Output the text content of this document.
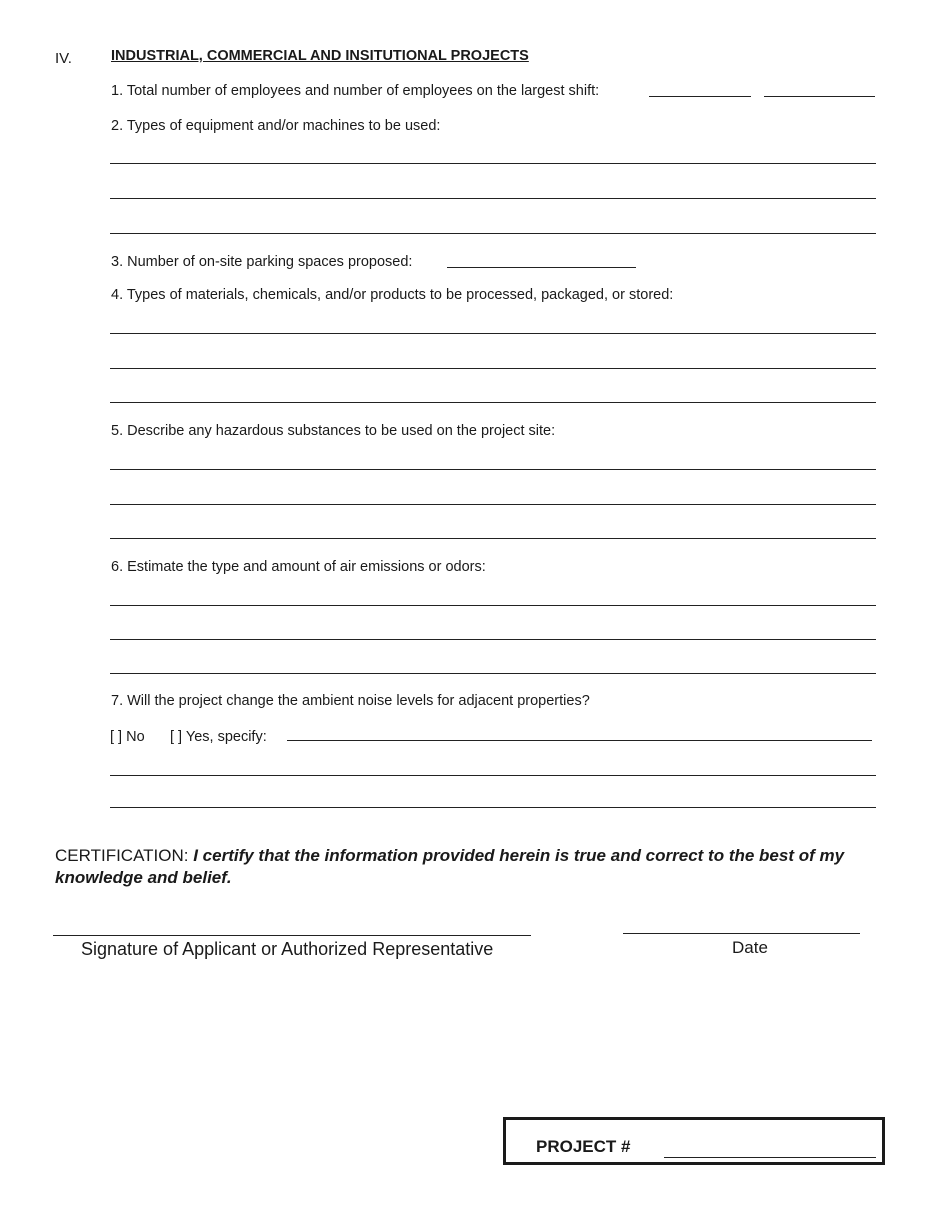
IV.	INDUSTRIAL, COMMERCIAL AND INSITUTIONAL PROJECTS
1. Total number of employees and number of employees on the largest shift:
2. Types of equipment and/or machines to be used:
3. Number of on-site parking spaces proposed:
4. Types of materials, chemicals, and/or products to be processed, packaged, or stored:
5. Describe any hazardous substances to be used on the project site:
6. Estimate the type and amount of air emissions or odors:
7. Will the project change the ambient noise levels for adjacent properties?
[ ] No [ ] Yes, specify:
CERTIFICATION: I certify that the information provided herein is true and correct to the best of my knowledge and belief.
Signature of Applicant or Authorized Representative	Date
PROJECT #
